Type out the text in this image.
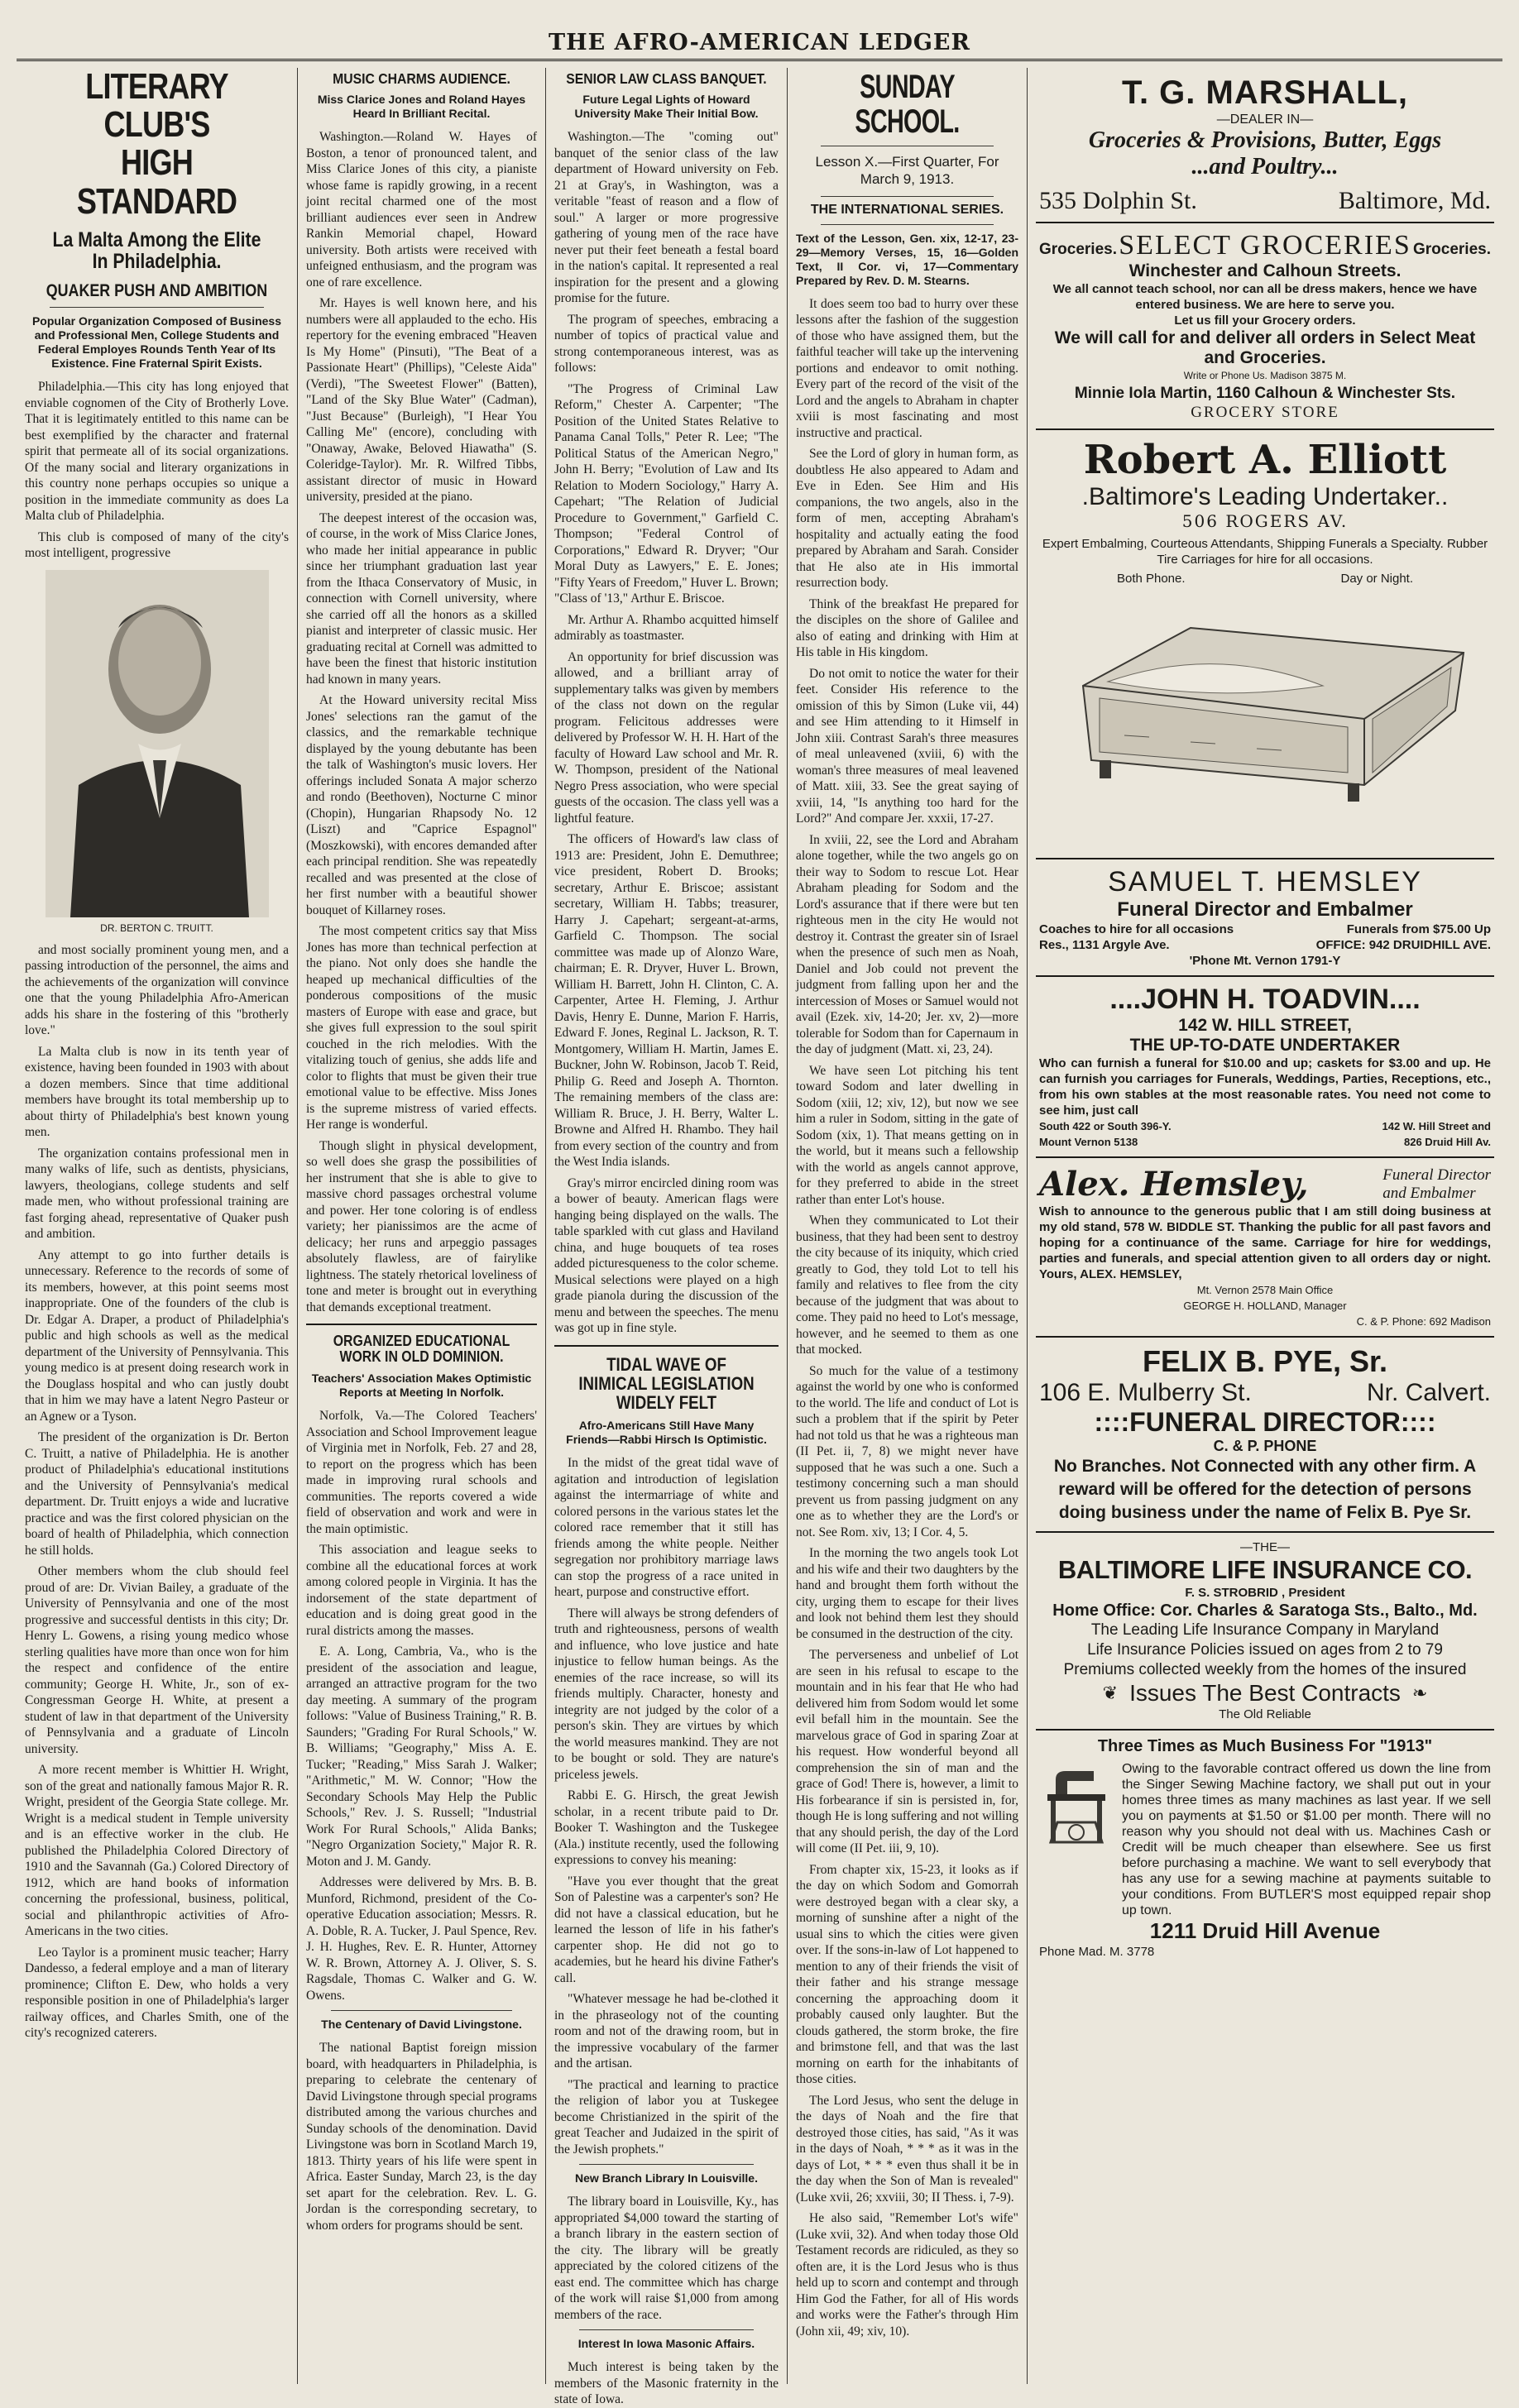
THE AFRO-AMERICAN LEDGER
LITERARY CLUB'S
HIGH STANDARD
La Malta Among the Elite In Philadelphia.
QUAKER PUSH AND AMBITION
Popular Organization Composed of Business and Professional Men, College Students and Federal Employes Rounds Tenth Year of Its Existence. Fine Fraternal Spirit Exists.

Philadelphia.—This city has long enjoyed that enviable cognomen of the City of Brotherly Love. That it is legitimately entitled to this name can be best exemplified by the character and fraternal spirit that permeate all of its social organizations. Of the many social and literary organizations in this country none perhaps occupies so unique a position in the immediate community as does La Malta club of Philadelphia.

This club is composed of many of the city's most intelligent, progressive

DR. BERTON C. TRUITT.

and most socially prominent young men, and a passing introduction of the personnel, the aims and the achievements of the organization will convince one that the young Philadelphia Afro-American adds his share in the fostering of this "brotherly love."

La Malta club is now in its tenth year of existence, having been founded in 1903 with about a dozen members. Since that time additional members have brought its total membership up to about thirty of Philadelphia's best known young men.

The organization contains professional men in many walks of life, such as dentists, physicians, lawyers, theologians, college students and self made men, who without professional training are fast forging ahead, representative of Quaker push and ambition.

Any attempt to go into further details is unnecessary. Reference to the records of some of its members, however, at this point seems most inappropriate. One of the founders of the club is Dr. Edgar A. Draper, a product of Philadelphia's public and high schools as well as the medical department of the University of Pennsylvania. This young medico is at present doing research work in the Douglass hospital and who can justly doubt that in him we may have a latent Negro Pasteur or an Agnew or a Tyson.

The president of the organization is Dr. Berton C. Truitt, a native of Philadelphia. He is another product of Philadelphia's educational institutions and the University of Pennsylvania's medical department. Dr. Truitt enjoys a wide and lucrative practice and was the first colored physician on the board of health of Philadelphia, which connection he still holds.

Other members whom the club should feel proud of are: Dr. Vivian Bailey, a graduate of the University of Pennsylvania and one of the most progressive and successful dentists in this city; Dr. Henry L. Gowens, a rising young medico whose sterling qualities have more than once won for him the respect and confidence of the entire community; George H. White, Jr., son of ex-Congressman George H. White, at present a student of law in that department of the University of Pennsylvania and a graduate of Lincoln university.

A more recent member is Whittier H. Wright, son of the great and nationally famous Major R. R. Wright, president of the Georgia State college. Mr. Wright is a medical student in Temple university and is an effective worker in the club. He published the Philadelphia Colored Directory of 1910 and the Savannah (Ga.) Colored Directory of 1912, which are hand books of information concerning the professional, business, political, social and philanthropic activities of Afro-Americans in the two cities.

Leo Taylor is a prominent music teacher; Harry Dandesso, a federal employe and a man of literary prominence; Clifton E. Dew, who holds a very responsible position in one of Philadelphia's larger railway offices, and Charles Smith, one of the city's recognized caterers.

MUSIC CHARMS AUDIENCE.
Miss Clarice Jones and Roland Hayes Heard In Brilliant Recital.

Washington.—Roland W. Hayes of Boston, a tenor of pronounced talent, and Miss Clarice Jones of this city, a pianiste whose fame is rapidly growing, in a recent joint recital charmed one of the most brilliant audiences ever seen in Andrew Rankin Memorial chapel, Howard university. Both artists were received with unfeigned enthusiasm, and the program was one of rare excellence.

Mr. Hayes is well known here, and his numbers were all applauded to the echo. His repertory for the evening embraced "Heaven Is My Home" (Pinsuti), "The Beat of a Passionate Heart" (Phillips), "Celeste Aida" (Verdi), "The Sweetest Flower" (Batten), "Land of the Sky Blue Water" (Cadman), "Just Because" (Burleigh), "I Hear You Calling Me" (encore), concluding with "Onaway, Awake, Beloved Hiawatha" (S. Coleridge-Taylor). Mr. R. Wilfred Tibbs, assistant director of music in Howard university, presided at the piano.

The deepest interest of the occasion was, of course, in the work of Miss Clarice Jones, who made her initial appearance in public since her triumphant graduation last year from the Ithaca Conservatory of Music, in connection with Cornell university, where she carried off all the honors as a skilled pianist and interpreter of classic music. Her graduating recital at Cornell was admitted to have been the finest that historic institution had known in many years.

At the Howard university recital Miss Jones' selections ran the gamut of the classics, and the remarkable technique displayed by the young debutante has been the talk of Washington's music lovers. Her offerings included Sonata A major scherzo and rondo (Beethoven), Nocturne C minor (Chopin), Hungarian Rhapsody No. 12 (Liszt) and "Caprice Espagnol" (Moszkowski), with encores demanded after each principal rendition. She was repeatedly recalled and was presented at the close of her first number with a beautiful shower bouquet of Killarney roses.

The most competent critics say that Miss Jones has more than technical perfection at the piano. Not only does she handle the heaped up mechanical difficulties of the ponderous compositions of the music masters of Europe with ease and grace, but she gives full expression to the soul spirit couched in the rich melodies. With the vitalizing touch of genius, she adds life and color to flights that must be given their true emotional value to be effective. Miss Jones is the supreme mistress of varied effects. Her range is wonderful.

Though slight in physical development, so well does she grasp the possibilities of her instrument that she is able to give to massive chord passages orchestral volume and power. Her tone coloring is of endless variety; her pianissimos are the acme of delicacy; her runs and arpeggio passages absolutely flawless, are of fairylike lightness. The stately rhetorical loveliness of tone and meter is brought out in everything that demands exceptional treatment.

ORGANIZED EDUCATIONAL WORK IN OLD DOMINION.
Teachers' Association Makes Optimistic Reports at Meeting In Norfolk.

Norfolk, Va.—The Colored Teachers' Association and School Improvement league of Virginia met in Norfolk, Feb. 27 and 28, to report on the progress which has been made in improving rural schools and communities. The reports covered a wide field of observation and work and were in the main optimistic.

This association and league seeks to combine all the educational forces at work among colored people in Virginia. It has the indorsement of the state department of education and is doing great good in the rural districts among the masses.

E. A. Long, Cambria, Va., who is the president of the association and league, arranged an attractive program for the two day meeting. A summary of the program follows: "Value of Business Training," R. B. Saunders; "Grading For Rural Schools," W. B. Williams; "Geography," Miss A. E. Tucker; "Reading," Miss Sarah J. Walker; "Arithmetic," M. W. Connor; "How the Secondary Schools May Help the Public Schools," Rev. J. S. Russell; "Industrial Work For Rural Schools," Alida Banks; "Negro Organization Society," Major R. R. Moton and J. M. Gandy.

Addresses were delivered by Mrs. B. B. Munford, Richmond, president of the Co-operative Education association; Messrs. R. A. Doble, R. A. Tucker, J. Paul Spence, Rev. J. H. Hughes, Rev. E. R. Hunter, Attorney W. R. Brown, Attorney A. J. Oliver, S. S. Ragsdale, Thomas C. Walker and G. W. Owens.

The Centenary of David Livingstone.

The national Baptist foreign mission board, with headquarters in Philadelphia, is preparing to celebrate the centenary of David Livingstone through special programs distributed among the various churches and Sunday schools of the denomination. David Livingstone was born in Scotland March 19, 1813. Thirty years of his life were spent in Africa. Easter Sunday, March 23, is the day set apart for the celebration. Rev. L. G. Jordan is the corresponding secretary, to whom orders for programs should be sent.

SENIOR LAW CLASS BANQUET.
Future Legal Lights of Howard University Make Their Initial Bow.

Washington.—The "coming out" banquet of the senior class of the law department of Howard university on Feb. 21 at Gray's, in Washington, was a veritable "feast of reason and a flow of soul." A larger or more progressive gathering of young men of the race have never put their feet beneath a festal board in the nation's capital. It represented a real inspiration for the present and a glowing promise for the future.

The program of speeches, embracing a number of topics of practical value and strong contemporaneous interest, was as follows:

"The Progress of Criminal Law Reform," Chester A. Carpenter; "The Position of the United States Relative to Panama Canal Tolls," Peter R. Lee; "The Political Status of the American Negro," John H. Berry; "Evolution of Law and Its Relation to Modern Sociology," Harry A. Capehart; "The Relation of Judicial Procedure to Government," Garfield C. Thompson; "Federal Control of Corporations," Edward R. Dryver; "Our Moral Duty as Lawyers," E. E. Jones; "Fifty Years of Freedom," Huver L. Brown; "Class of '13," Arthur E. Briscoe.

Mr. Arthur A. Rhambo acquitted himself admirably as toastmaster.

An opportunity for brief discussion was allowed, and a brilliant array of supplementary talks was given by members of the class not down on the regular program. Felicitous addresses were delivered by Professor W. H. H. Hart of the faculty of Howard Law school and Mr. R. W. Thompson, president of the National Negro Press association, who were special guests of the occasion. The class yell was a lightful feature.

The officers of Howard's law class of 1913 are: President, John E. Demuthree; vice president, Robert D. Brooks; secretary, Arthur E. Briscoe; assistant secretary, William H. Tabbs; treasurer, Harry J. Capehart; sergeant-at-arms, Garfield C. Thompson. The social committee was made up of Alonzo Ware, chairman; E. R. Dryver, Huver L. Brown, William H. Barrett, John H. Clinton, C. A. Carpenter, Artee H. Fleming, J. Arthur Davis, Henry E. Dunne, Marion F. Harris, Edward F. Jones, Reginal L. Jackson, R. T. Montgomery, William H. Martin, James E. Buckner, John W. Robinson, Jacob T. Reid, Philip G. Reed and Joseph A. Thornton. The remaining members of the class are: William R. Bruce, J. H. Berry, Walter L. Browne and Alfred H. Rhambo. They hail from every section of the country and from the West India islands.

Gray's mirror encircled dining room was a bower of beauty. American flags were hanging being displayed on the walls. The table sparkled with cut glass and Haviland china, and huge bouquets of tea roses added picturesqueness to the color scheme. Musical selections were played on a high grade pianola during the discussion of the menu and between the speeches. The menu was got up in fine style.

TIDAL WAVE OF INIMICAL LEGISLATION WIDELY FELT
Afro-Americans Still Have Many Friends—Rabbi Hirsch Is Optimistic.

In the midst of the great tidal wave of agitation and introduction of legislation against the intermarriage of white and colored persons in the various states let the colored race remember that it still has friends among the white people. Neither segregation nor prohibitory marriage laws can stop the progress of a race united in heart, purpose and constructive effort.

There will always be strong defenders of truth and righteousness, persons of wealth and influence, who love justice and hate injustice to fellow human beings. As the enemies of the race increase, so will its friends multiply. Character, honesty and integrity are not judged by the color of a person's skin. They are virtues by which the world measures mankind. They are not to be bought or sold. They are nature's priceless jewels.

Rabbi E. G. Hirsch, the great Jewish scholar, in a recent tribute paid to Dr. Booker T. Washington and the Tuskegee (Ala.) institute recently, used the following expressions to convey his meaning:

"Have you ever thought that the great Son of Palestine was a carpenter's son? He did not have a classical education, but he learned the lesson of life in his father's carpenter shop. He did not go to academies, but he heard his divine Father's call.

"Whatever message he had be-clothed it in the phraseology not of the counting room and not of the drawing room, but in the impressive vocabulary of the farmer and the artisan.

"The practical and learning to practice the religion of labor you at Tuskegee become Christianized in the spirit of the great Teacher and Judaized in the spirit of the Jewish prophets."

New Branch Library In Louisville.

The library board in Louisville, Ky., has appropriated $4,000 toward the starting of a branch library in the eastern section of the city. The library will be greatly appreciated by the colored citizens of the east end. The committee which has charge of the work will raise $1,000 from among members of the race.

Interest In Iowa Masonic Affairs.

Much interest is being taken by the members of the Masonic fraternity in the state of Iowa.

SUNDAY SCHOOL.
Lesson X.—First Quarter, For March 9, 1913.
THE INTERNATIONAL SERIES.
Text of the Lesson, Gen. xix, 12-17, 23-29—Memory Verses, 15, 16—Golden Text, II Cor. vi, 17—Commentary Prepared by Rev. D. M. Stearns.

It does seem too bad to hurry over these lessons after the fashion of the suggestion of those who have assigned them, but the faithful teacher will take up the intervening portions and endeavor to omit nothing. Every part of the record of the visit of the Lord and the angels to Abraham in chapter xviii is most fascinating and most instructive and practical.

See the Lord of glory in human form, as doubtless He also appeared to Adam and Eve in Eden. See Him and His companions, the two angels, also in the form of men, accepting Abraham's hospitality and actually eating the food prepared by Abraham and Sarah. Consider that He also ate in His immortal resurrection body.

Think of the breakfast He prepared for the disciples on the shore of Galilee and also of eating and drinking with Him at His table in His kingdom.

Do not omit to notice the water for their feet. Consider His reference to the omission of this by Simon (Luke vii, 44) and see Him attending to it Himself in John xiii. Contrast Sarah's three measures of meal unleavened (xviii, 6) with the woman's three measures of meal leavened of Matt. xiii, 33. See the great saying of xviii, 14, "Is anything too hard for the Lord?" And compare Jer. xxxii, 17-27.

In xviii, 22, see the Lord and Abraham alone together, while the two angels go on their way to Sodom to rescue Lot. Hear Abraham pleading for Sodom and the Lord's assurance that if there were but ten righteous men in the city He would not destroy it. Contrast the greater sin of Israel when the presence of such men as Noah, Daniel and Job could not prevent the judgment from falling upon her and the intercession of Moses or Samuel would not avail (Ezek. xiv, 14-20; Jer. xv, 2)—more tolerable for Sodom than for Capernaum in the day of judgment (Matt. xi, 23, 24).

We have seen Lot pitching his tent toward Sodom and later dwelling in Sodom (xiii, 12; xiv, 12), but now we see him a ruler in Sodom, sitting in the gate of Sodom (xix, 1). That means getting on in the world, but it means such a fellowship with the world as angels cannot approve, for they preferred to abide in the street rather than enter Lot's house.

When they communicated to Lot their business, that they had been sent to destroy the city because of its iniquity, which cried greatly to God, they told Lot to tell his family and relatives to flee from the city because of the judgment that was about to come. They paid no heed to Lot's message, however, and he seemed to them as one that mocked.

So much for the value of a testimony against the world by one who is conformed to the world. The life and conduct of Lot is such a problem that if the spirit by Peter had not told us that he was a righteous man (II Pet. ii, 7, 8) we might never have supposed that he was such a one. Such a testimony concerning such a man should prevent us from passing judgment on any one as to whether they are the Lord's or not. See Rom. xiv, 13; I Cor. 4, 5.

In the morning the two angels took Lot and his wife and their two daughters by the hand and brought them forth without the city, urging them to escape for their lives and look not behind them lest they should be consumed in the destruction of the city.

The perverseness and unbelief of Lot are seen in his refusal to escape to the mountain and in his fear that He who had delivered him from Sodom would let some evil befall him in the mountain. See the marvelous grace of God in sparing Zoar at his request. How wonderful beyond all comprehension the sin of man and the grace of God! There is, however, a limit to His forbearance if sin is persisted in, for, though He is long suffering and not willing that any should perish, the day of the Lord will come (II Pet. iii, 9, 10).

From chapter xix, 15-23, it looks as if the day on which Sodom and Gomorrah were destroyed began with a clear sky, a morning of sunshine after a night of the usual sins to which the cities were given over. If the sons-in-law of Lot happened to mention to any of their friends the visit of their father and his strange message concerning the approaching doom it probably caused only laughter. But the clouds gathered, the storm broke, the fire and brimstone fell, and that was the last morning on earth for the inhabitants of those cities.

The Lord Jesus, who sent the deluge in the days of Noah and the fire that destroyed those cities, has said, "As it was in the days of Noah, * * * as it was in the days of Lot, * * * even thus shall it be in the day when the Son of Man is revealed" (Luke xvii, 26; xxviii, 30; II Thess. i, 7-9).

He also said, "Remember Lot's wife" (Luke xvii, 32). And when today those Old Testament records are ridiculed, as they so often are, it is the Lord Jesus who is thus held up to scorn and contempt and through Him God the Father, for all of His words and works were the Father's through Him (John xii, 49; xiv, 10).

T. G. MARSHALL,
—DEALER IN—
Groceries & Provisions, Butter, Eggs
...and Poultry...
535 Dolphin St.	Baltimore, Md.
Groceries. SELECT GROCERIES Groceries.
Winchester and Calhoun Streets.
We all cannot teach school, nor can all be dress makers, hence we have entered business. We are here to serve you.
Let us fill your Grocery orders.
We will call for and deliver all orders in Select Meat and Groceries.
Write or Phone Us. Madison 3875 M.
Minnie Iola Martin, 1160 Calhoun & Winchester Sts.
GROCERY STORE
Robert A. Elliott
.Baltimore's Leading Undertaker..
506 ROGERS AV.
Expert Embalming, Courteous Attendants, Shipping Funerals a Specialty. Rubber Tire Carriages for hire for all occasions.
Both Phone.	Day or Night.
SAMUEL T. HEMSLEY
Funeral Director and Embalmer
Coaches to hire for all occasions	Funerals from $75.00 Up
Res., 1131 Argyle Ave.	OFFICE: 942 DRUIDHILL AVE.
'Phone Mt. Vernon 1791-Y
....JOHN H. TOADVIN....
142 W. HILL STREET,
THE UP-TO-DATE UNDERTAKER
Who can furnish a funeral for $10.00 and up; caskets for $3.00 and up. He can furnish you carriages for Funerals, Weddings, Parties, Receptions, etc., from his own stables at the most reasonable rates. You need not come to see him, just call
South 422 or South 396-Y.	142 W. Hill Street and
Mount Vernon 5138	826 Druid Hill Av.
Alex. Hemsley,	Funeral Director
and Embalmer
Wish to announce to the generous public that I am still doing business at my old stand, 578 W. BIDDLE ST. Thanking the public for all past favors and hoping for a continuance of the same. Carriage for hire for weddings, parties and funerals, and special attention given to all orders day or night. Yours, ALEX. HEMSLEY,
Mt. Vernon 2578 Main Office
GEORGE H. HOLLAND, Manager
C. & P. Phone: 692 Madison
FELIX B. PYE, Sr.
106 E. Mulberry St.	Nr. Calvert.
::::FUNERAL DIRECTOR::::
C. & P. PHONE
No Branches. Not Connected with any other firm. A reward will be offered for the detection of persons doing business under the name of Felix B. Pye Sr.
—THE—
BALTIMORE LIFE INSURANCE CO.
F. S. STROBRID , President
Home Office: Cor. Charles & Saratoga Sts., Balto., Md.
The Leading Life Insurance Company in Maryland
Life Insurance Policies issued on ages from 2 to 79
Premiums collected weekly from the homes of the insured
❦ Issues The Best Contracts ❧
The Old Reliable
Three Times as Much Business For "1913"
Owing to the favorable contract offered us down the line from the Singer Sewing Machine factory, we shall put out in your homes three times as many machines as last year. If we sell you on payments at $1.50 or $1.00 per month. There will no reason why you should not deal with us. Machines Cash or Credit will be much cheaper than elsewhere. See us first before purchasing a machine. We want to sell everybody that has any use for a sewing machine at payments suitable to your conditions. From BUTLER'S most equipped repair shop up town.
1211 Druid Hill Avenue
Phone Mad. M. 3778
